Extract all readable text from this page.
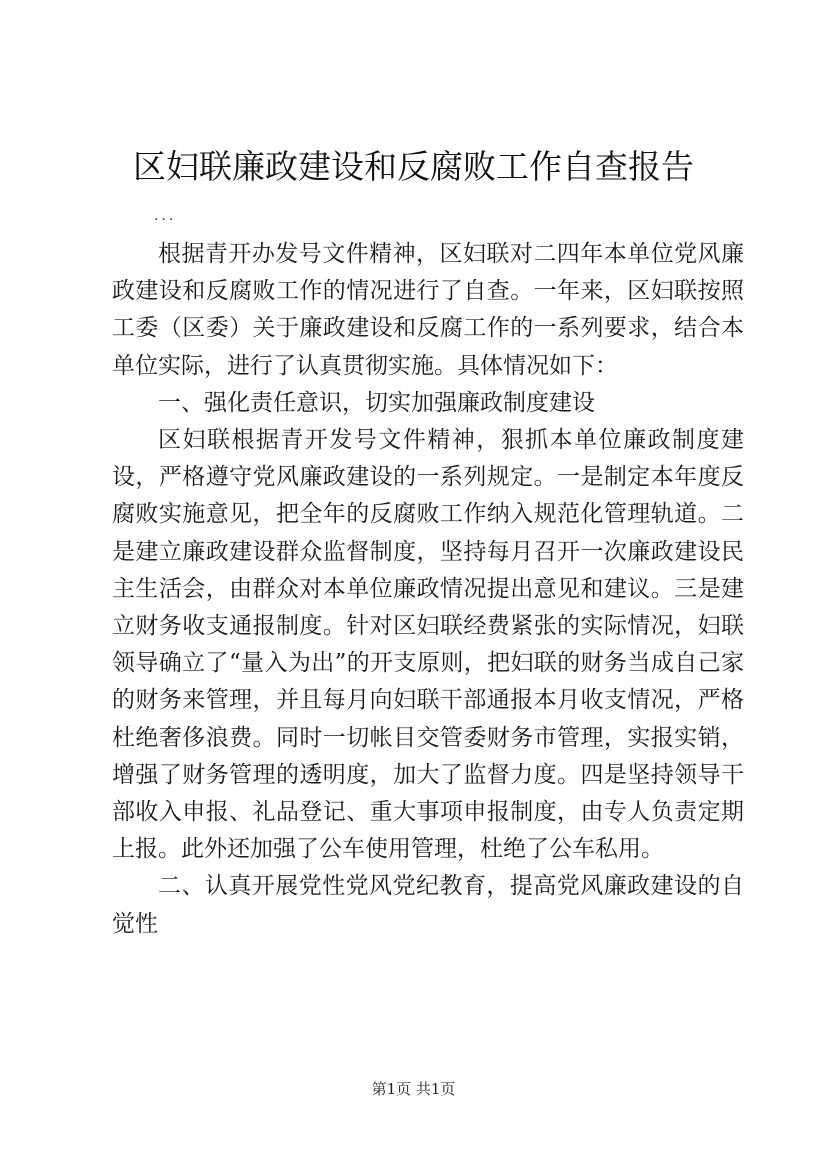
区妇联廉政建设和反腐败工作自查报告
...

根据青开办发号文件精神，区妇联对二四年本单位党风廉政建设和反腐败工作的情况进行了自查。一年来，区妇联按照工委（区委）关于廉政建设和反腐工作的一系列要求，结合本单位实际，进行了认真贯彻实施。具体情况如下：

一、强化责任意识，切实加强廉政制度建设

区妇联根据青开发号文件精神，狠抓本单位廉政制度建设，严格遵守党风廉政建设的一系列规定。一是制定本年度反腐败实施意见，把全年的反腐败工作纳入规范化管理轨道。二是建立廉政建设群众监督制度，坚持每月召开一次廉政建设民主生活会，由群众对本单位廉政情况提出意见和建议。三是建立财务收支通报制度。针对区妇联经费紧张的实际情况，妇联领导确立了“量入为出”的开支原则，把妇联的财务当成自己家的财务来管理，并且每月向妇联干部通报本月收支情况，严格杜绝奢侈浪费。同时一切帐目交管委财务市管理，实报实销，增强了财务管理的透明度，加大了监督力度。四是坚持领导干部收入申报、礼品登记、重大事项申报制度，由专人负责定期上报。此外还加强了公车使用管理，杜绝了公车私用。

二、认真开展党性党风党纪教育，提高党风廉政建设的自觉性

第1页 共1页
